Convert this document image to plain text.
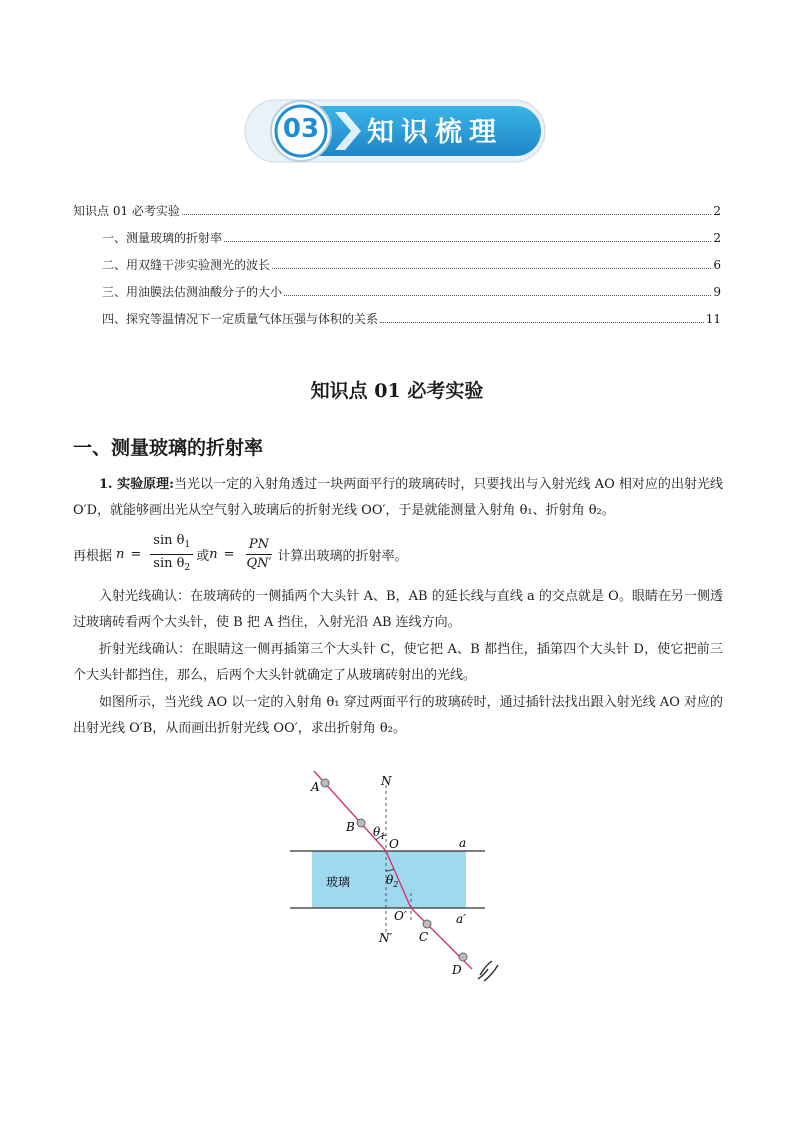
03 知识梳理
知识点 01 必考实验	2
一、测量玻璃的折射率	2
二、用双缝干涉实验测光的波长	6
三、用油膜法估测油酸分子的大小	9
四、探究等温情况下一定质量气体压强与体积的关系	11
知识点 01 必考实验
一、测量玻璃的折射率
1. 实验原理:当光以一定的入射角透过一块两面平行的玻璃砖时，只要找出与入射光线 AO 相对应的出射光线 O′D，就能够画出光从空气射入玻璃后的折射光线 OO′，于是就能测量入射角 θ₁、折射角 θ₂。
再根据 $n = \frac{\sin \theta_1}{\sin \theta_2}$ 或 $n = \frac{PN}{QN'}$ 计算出玻璃的折射率。
入射光线确认：在玻璃砖的一侧插两个大头针 A、B，AB 的延长线与直线 a 的交点就是 O。眼睛在另一侧透过玻璃砖看两个大头针，使 B 把 A 挡住，入射光沿 AB 连线方向。
折射光线确认：在眼睛这一侧再插第三个大头针 C，使它把 A、B 都挡住，插第四个大头针 D，使它把前三个大头针都挡住，那么，后两个大头针就确定了从玻璃砖射出的光线。
如图所示，当光线 AO 以一定的入射角 θ₁ 穿过两面平行的玻璃砖时，通过插针法找出跟入射光线 AO 对应的出射光线 O′B，从而画出折射光线 OO′，求出折射角 θ₂。
A
B
N
O	a
$\theta_1$
$\theta_2$
玻璃
O′	a′
N′ C
D
